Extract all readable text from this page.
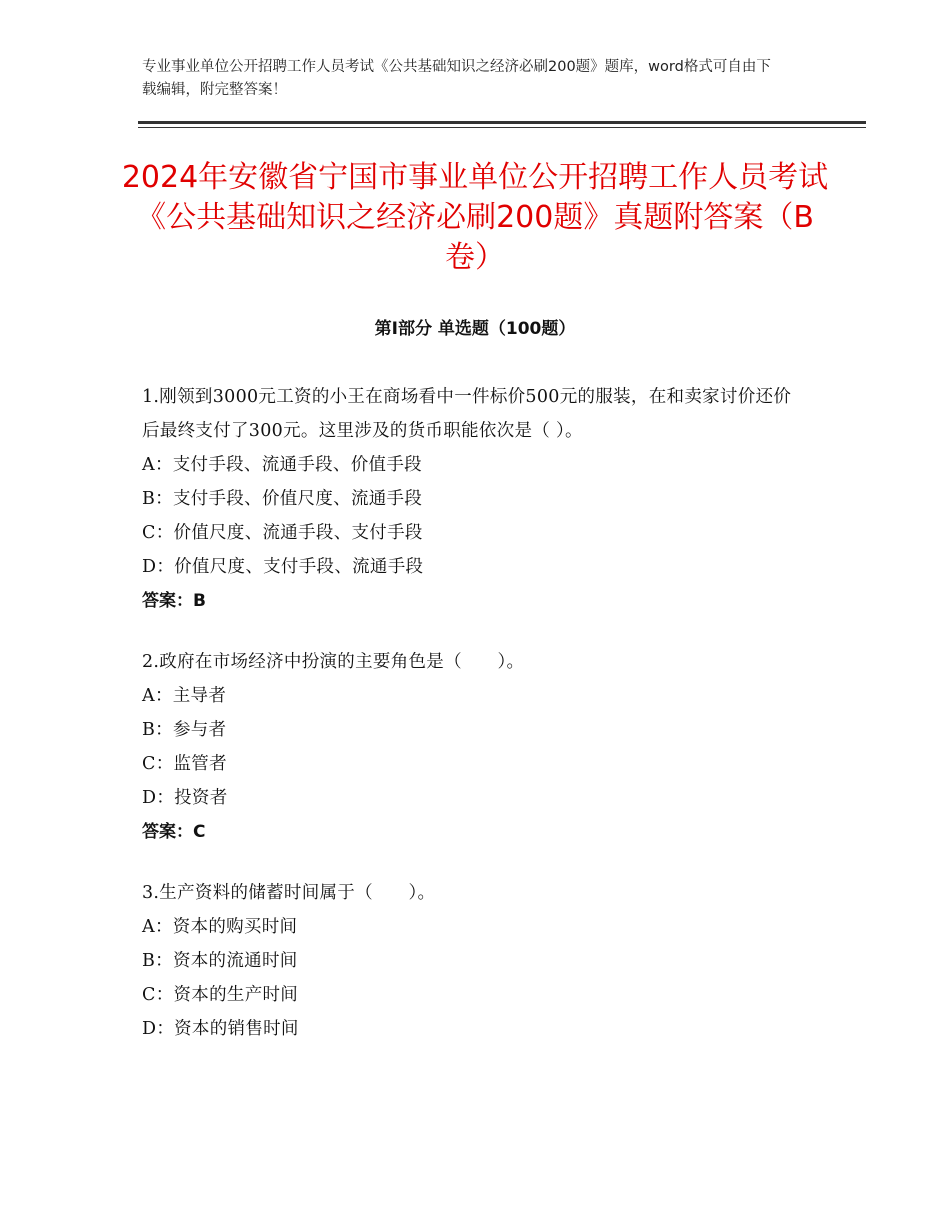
专业事业单位公开招聘工作人员考试《公共基础知识之经济必刷200题》题库，word格式可自由下载编辑，附完整答案！
2024年安徽省宁国市事业单位公开招聘工作人员考试《公共基础知识之经济必刷200题》真题附答案（B卷）
第Ⅰ部分 单选题（100题）
1.刚领到3000元工资的小王在商场看中一件标价500元的服装，在和卖家讨价还价后最终支付了300元。这里涉及的货币职能依次是（ ）。
A：支付手段、流通手段、价值手段
B：支付手段、价值尺度、流通手段
C：价值尺度、流通手段、支付手段
D：价值尺度、支付手段、流通手段
答案：B
2.政府在市场经济中扮演的主要角色是（　　）。
A：主导者
B：参与者
C：监管者
D：投资者
答案：C
3.生产资料的储蓄时间属于（　　）。
A：资本的购买时间
B：资本的流通时间
C：资本的生产时间
D：资本的销售时间
